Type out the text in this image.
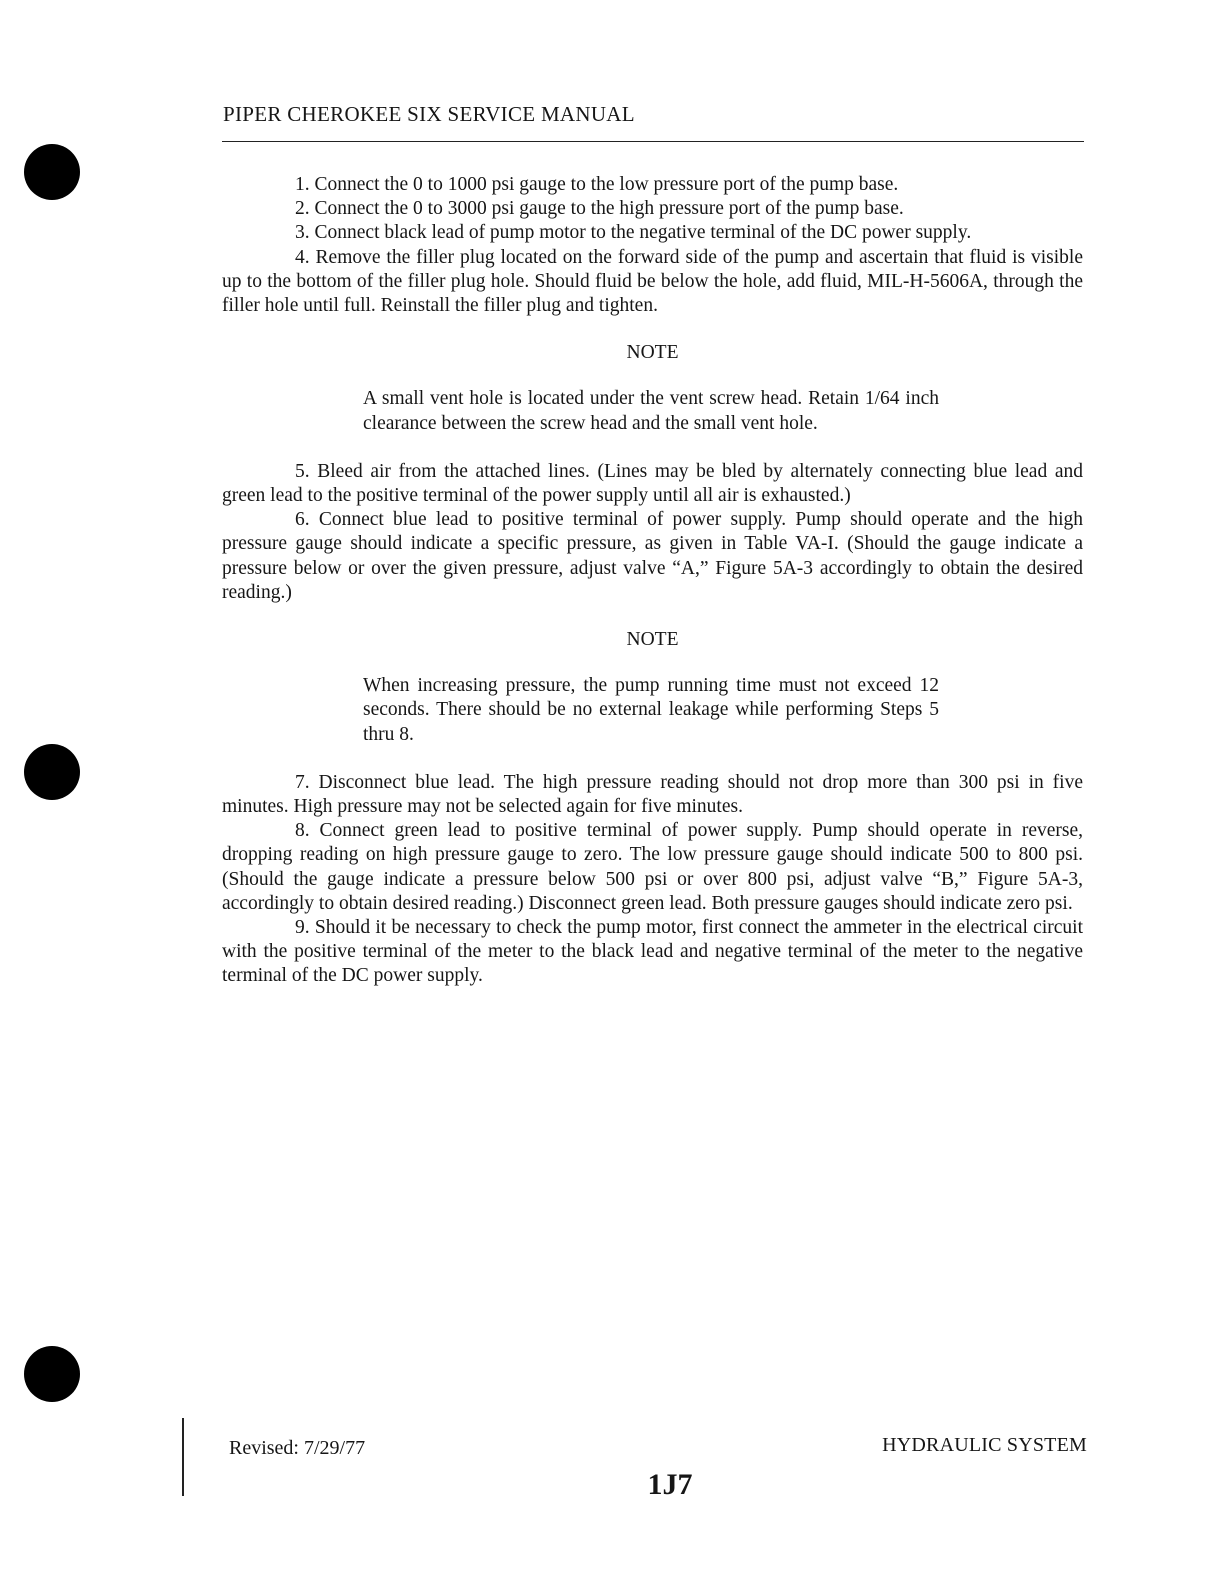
PIPER CHEROKEE SIX SERVICE MANUAL

1. Connect the 0 to 1000 psi gauge to the low pressure port of the pump base.

2. Connect the 0 to 3000 psi gauge to the high pressure port of the pump base.

3. Connect black lead of pump motor to the negative terminal of the DC power supply.

4. Remove the filler plug located on the forward side of the pump and ascertain that fluid is visible up to the bottom of the filler plug hole. Should fluid be below the hole, add fluid, MIL-H-5606A, through the filler hole until full. Reinstall the filler plug and tighten.

NOTE

A small vent hole is located under the vent screw head. Retain 1/64 inch clearance between the screw head and the small vent hole.

5. Bleed air from the attached lines. (Lines may be bled by alternately connecting blue lead and green lead to the positive terminal of the power supply until all air is exhausted.)

6. Connect blue lead to positive terminal of power supply. Pump should operate and the high pressure gauge should indicate a specific pressure, as given in Table VA-I. (Should the gauge indicate a pressure below or over the given pressure, adjust valve “A,” Figure 5A-3 accordingly to obtain the desired reading.)

NOTE

When increasing pressure, the pump running time must not exceed 12 seconds. There should be no external leakage while performing Steps 5 thru 8.

7. Disconnect blue lead. The high pressure reading should not drop more than 300 psi in five minutes. High pressure may not be selected again for five minutes.

8. Connect green lead to positive terminal of power supply. Pump should operate in reverse, dropping reading on high pressure gauge to zero. The low pressure gauge should indicate 500 to 800 psi. (Should the gauge indicate a pressure below 500 psi or over 800 psi, adjust valve “B,” Figure 5A-3, accordingly to obtain desired reading.) Disconnect green lead. Both pressure gauges should indicate zero psi.

9. Should it be necessary to check the pump motor, first connect the ammeter in the electrical circuit with the positive terminal of the meter to the black lead and negative terminal of the meter to the negative terminal of the DC power supply.

Revised: 7/29/77	HYDRAULIC SYSTEM
1J7
